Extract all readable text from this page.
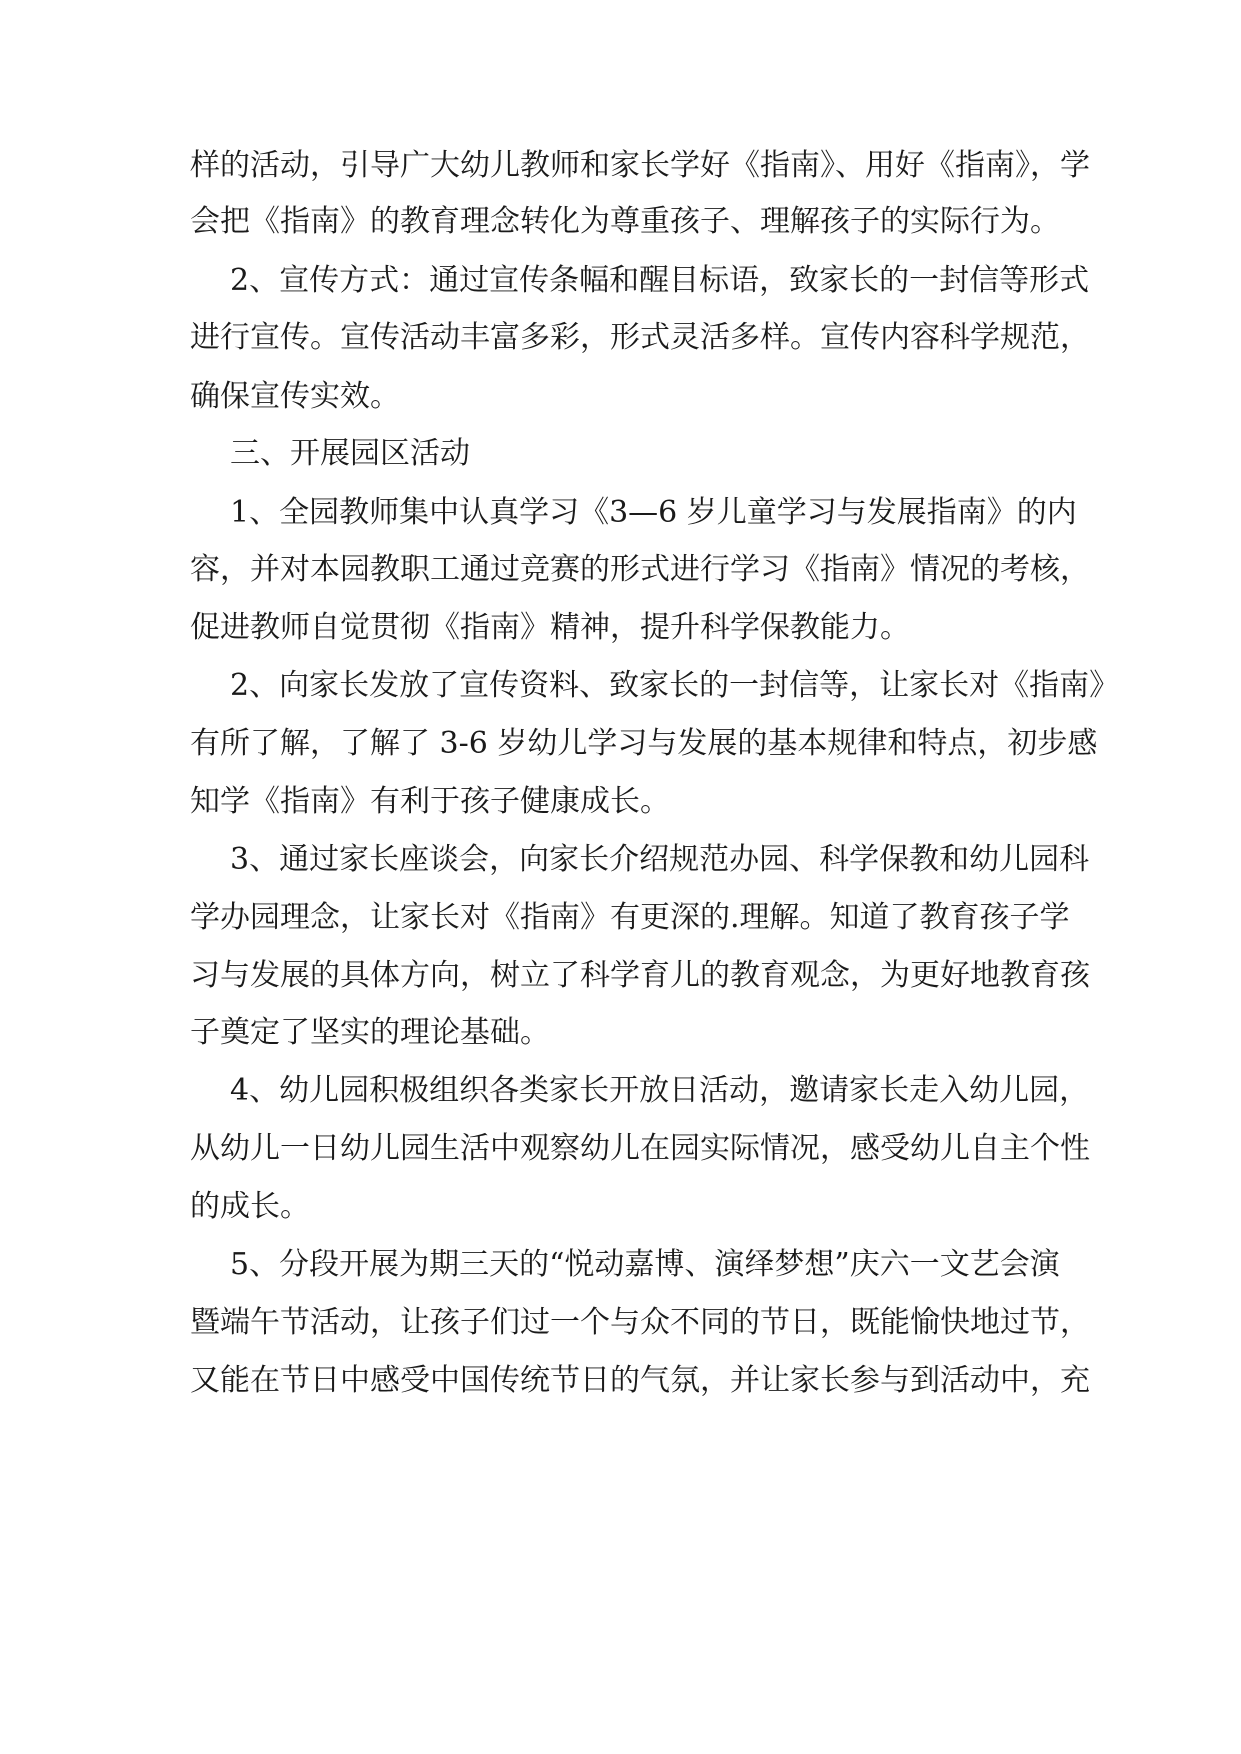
样的活动，引导广大幼儿教师和家长学好《指南》、用好《指南》，学
会把《指南》的教育理念转化为尊重孩子、理解孩子的实际行为。
2、宣传方式：通过宣传条幅和醒目标语，致家长的一封信等形式
进行宣传。宣传活动丰富多彩，形式灵活多样。宣传内容科学规范，
确保宣传实效。
三、开展园区活动
1、全园教师集中认真学习《3—6 岁儿童学习与发展指南》的内
容，并对本园教职工通过竞赛的形式进行学习《指南》情况的考核，
促进教师自觉贯彻《指南》精神，提升科学保教能力。
2、向家长发放了宣传资料、致家长的一封信等，让家长对《指南》
有所了解，了解了 3-6 岁幼儿学习与发展的基本规律和特点，初步感
知学《指南》有利于孩子健康成长。
3、通过家长座谈会，向家长介绍规范办园、科学保教和幼儿园科
学办园理念，让家长对《指南》有更深的.理解。知道了教育孩子学
习与发展的具体方向，树立了科学育儿的教育观念，为更好地教育孩
子奠定了坚实的理论基础。
4、幼儿园积极组织各类家长开放日活动，邀请家长走入幼儿园，
从幼儿一日幼儿园生活中观察幼儿在园实际情况，感受幼儿自主个性
的成长。
5、分段开展为期三天的“悦动嘉博、演绎梦想”庆六一文艺会演
暨端午节活动，让孩子们过一个与众不同的节日，既能愉快地过节，
又能在节日中感受中国传统节日的气氛，并让家长参与到活动中，充
